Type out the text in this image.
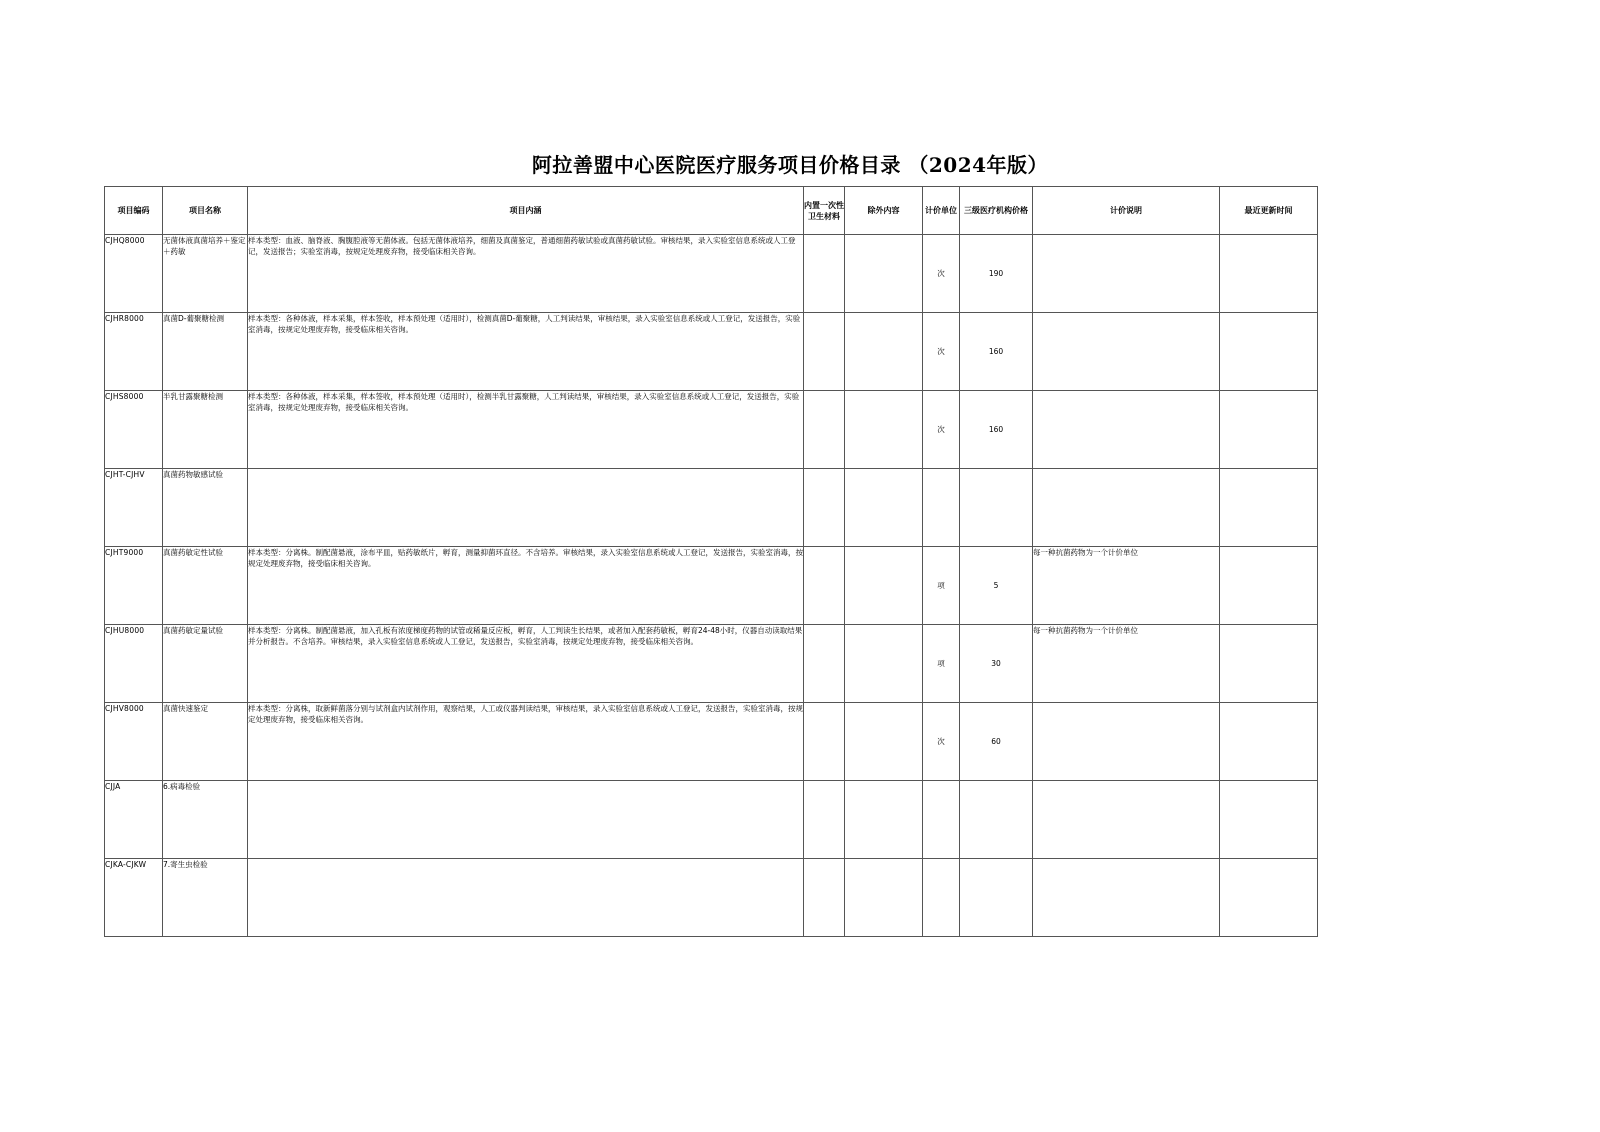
阿拉善盟中心医院医疗服务项目价格目录 （2024年版）
项目编码	项目名称	项目内涵	内置一次性卫生材料	除外内容	计价单位	三级医疗机构价格	计价说明	最近更新时间
CJHQ8000	无菌体液真菌培养＋鉴定＋药敏	样本类型：血液、脑脊液、胸腹腔液等无菌体液。包括无菌体液培养，细菌及真菌鉴定，普通细菌药敏试验或真菌药敏试验。审核结果，录入实验室信息系统或人工登记，发送报告；实验室消毒，按规定处理废弃物，接受临床相关咨询。			次	190		
CJHR8000	真菌D-葡聚糖检测	样本类型：各种体液，样本采集，样本签收，样本预处理（适用时），检测真菌D-葡聚糖，人工判读结果，审核结果，录入实验室信息系统或人工登记，发送报告，实验室消毒，按规定处理废弃物，接受临床相关咨询。			次	160		
CJHS8000	半乳甘露聚糖检测	样本类型：各种体液，样本采集，样本签收，样本预处理（适用时），检测半乳甘露聚糖，人工判读结果，审核结果，录入实验室信息系统或人工登记，发送报告，实验室消毒，按规定处理废弃物，接受临床相关咨询。			次	160		
CJHT-CJHV	真菌药物敏感试验							
CJHT9000	真菌药敏定性试验	样本类型：分离株。制配菌悬液，涂布平皿，贴药敏纸片，孵育，测量抑菌环直径。不含培养。审核结果，录入实验室信息系统或人工登记，发送报告，实验室消毒，按规定处理废弃物，接受临床相关咨询。			项	5	每一种抗菌药物为一个计价单位	
CJHU8000	真菌药敏定量试验	样本类型：分离株。制配菌悬液，加入孔板有浓度梯度药物的试管或稀量反应板，孵育，人工判读生长结果，或者加入配套药敏板，孵育24-48小时，仪器自动读取结果并分析报告。不含培养。审核结果，录入实验室信息系统或人工登记，发送报告，实验室消毒，按规定处理废弃物，接受临床相关咨询。			项	30	每一种抗菌药物为一个计价单位	
CJHV8000	真菌快速鉴定	样本类型：分离株，取新鲜菌落分别与试剂盒内试剂作用，观察结果，人工或仪器判读结果，审核结果，录入实验室信息系统或人工登记，发送报告，实验室消毒，按规定处理废弃物，接受临床相关咨询。			次	60		
CJJA	6.病毒检验							
CJKA-CJKW	7.寄生虫检验							
